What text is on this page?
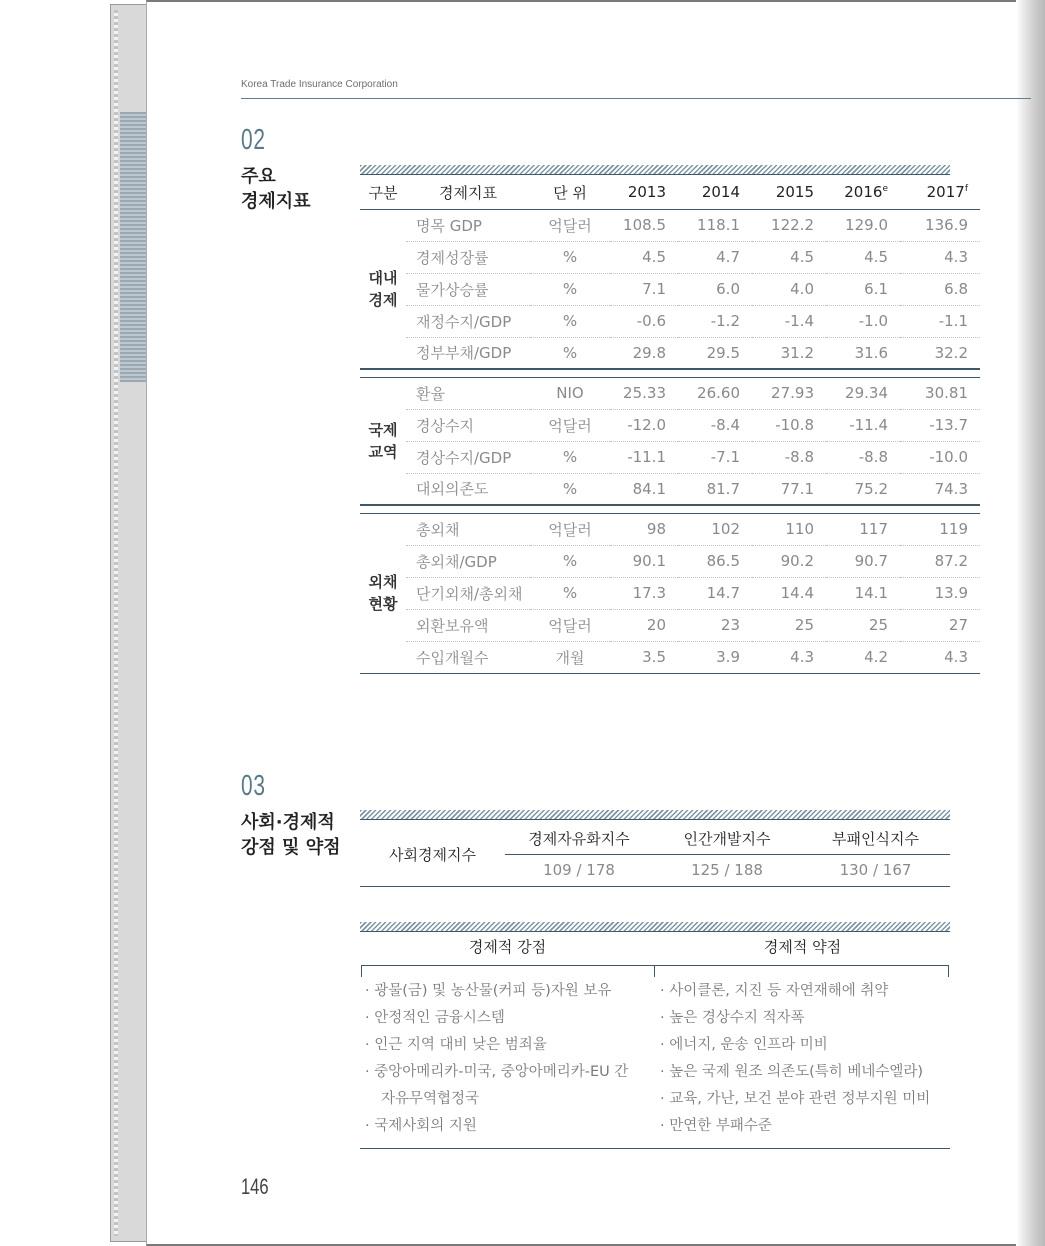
Korea Trade Insurance Corporation
02
주요
경제지표	구분	경제지표	단 위	2013	2014	2015	2016e	2017$^f$

대내
경제	명목 GDP	억달러	108.5	118.1	122.2	129.0	136.9
	경제성장률	%	4.5	4.7	4.5	4.5	4.3
	물가상승률	%	7.1	6.0	4.0	6.1	6.8
	재정수지/GDP	%	-0.6	-1.2	-1.4	-1.0	-1.1
	정부부채/GDP	%	29.8	29.5	31.2	31.6	32.2

국제
교역	환율	NIO	25.33	26.60	27.93	29.34	30.81
	경상수지	억달러	-12.0	-8.4	-10.8	-11.4	-13.7
	경상수지/GDP	%	-11.1	-7.1	-8.8	-8.8	-10.0
	대외의존도	%	84.1	81.7	77.1	75.2	74.3

외채
현황	총외채	억달러	98	102	110	117	119
	총외채/GDP	%	90.1	86.5	90.2	90.7	87.2
	단기외채/총외채	%	17.3	14.7	14.4	14.1	13.9
	외환보유액	억달러	20	23	25	25	27
	수입개월수	개월	3.5	3.9	4.3	4.2	4.3
03
사회·경제적
강점 및 약점	사회경제지수	경제자유화지수	인간개발지수	부패인식지수
	109 / 178	125 / 188	130 / 167
경제적 강점	경제적 약점
· 광물(금) 및 농산물(커피 등)자원 보유
· 안정적인 금융시스템
· 인근 지역 대비 낮은 범죄율
· 중앙아메리카-미국, 중앙아메리카-EU 간
자유무역협정국
· 국제사회의 지원
· 사이클론, 지진 등 자연재해에 취약
· 높은 경상수지 적자폭
· 에너지, 운송 인프라 미비
· 높은 국제 원조 의존도(특히 베네수엘라)
· 교육, 가난, 보건 분야 관련 정부지원 미비
· 만연한 부패수준
146
